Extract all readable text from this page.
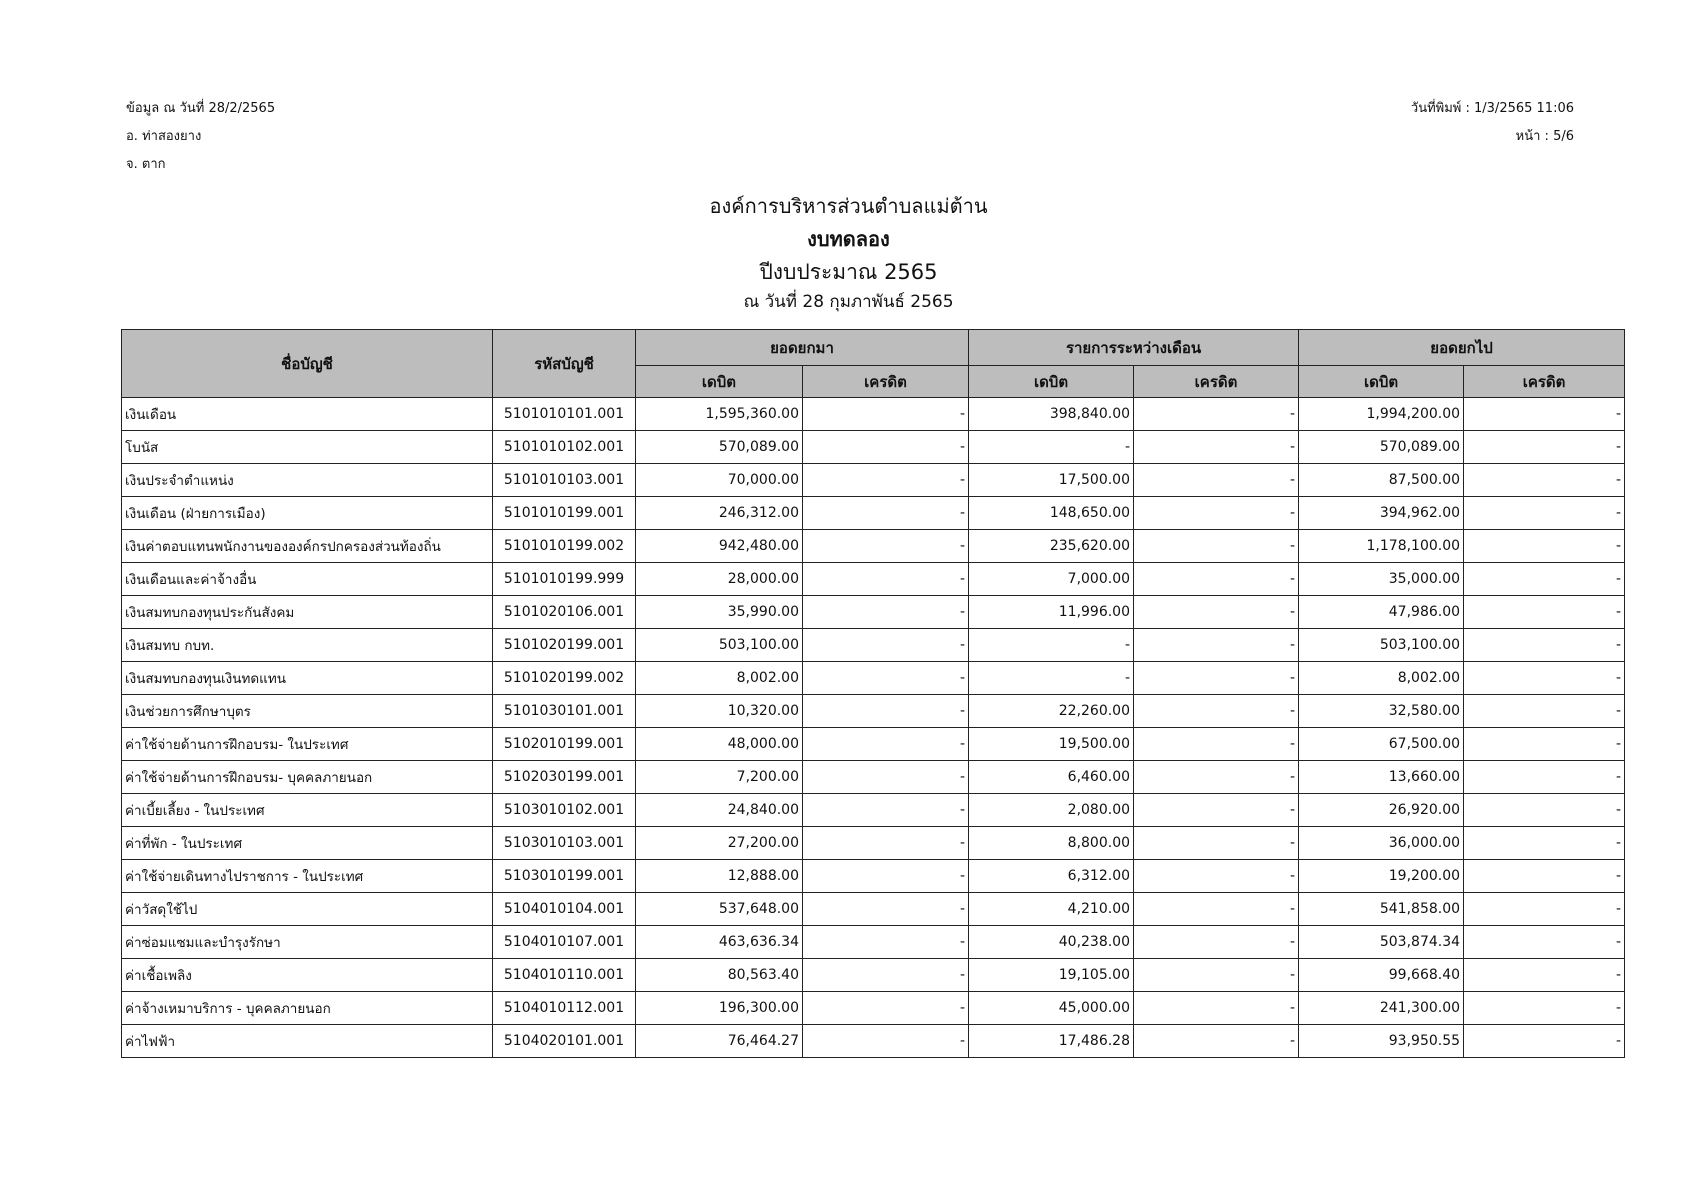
ข้อมูล ณ วันที่ 28/2/2565
อ. ท่าสองยาง
จ. ตาก
วันที่พิมพ์ : 1/3/2565 11:06
หน้า : 5/6
องค์การบริหารส่วนตำบลแม่ต้าน
งบทดลอง
ปีงบประมาณ 2565
ณ วันที่ 28 กุมภาพันธ์ 2565
ชื่อบัญชี	รหัสบัญชี	ยอดยกมา		รายการระหว่างเดือน		ยอดยกไป	
		เดบิต	เครดิต	เดบิต	เครดิต	เดบิต	เครดิต
เงินเดือน	5101010101.001	1,595,360.00	-	398,840.00	-	1,994,200.00	-
โบนัส	5101010102.001	570,089.00	-	-	-	570,089.00	-
เงินประจำตำแหน่ง	5101010103.001	70,000.00	-	17,500.00	-	87,500.00	-
เงินเดือน (ฝ่ายการเมือง)	5101010199.001	246,312.00	-	148,650.00	-	394,962.00	-
เงินค่าตอบแทนพนักงานขององค์กรปกครองส่วนท้องถิ่น	5101010199.002	942,480.00	-	235,620.00	-	1,178,100.00	-
เงินเดือนและค่าจ้างอื่น	5101010199.999	28,000.00	-	7,000.00	-	35,000.00	-
เงินสมทบกองทุนประกันสังคม	5101020106.001	35,990.00	-	11,996.00	-	47,986.00	-
เงินสมทบ กบท.	5101020199.001	503,100.00	-	-	-	503,100.00	-
เงินสมทบกองทุนเงินทดแทน	5101020199.002	8,002.00	-	-	-	8,002.00	-
เงินช่วยการศึกษาบุตร	5101030101.001	10,320.00	-	22,260.00	-	32,580.00	-
ค่าใช้จ่ายด้านการฝึกอบรม- ในประเทศ	5102010199.001	48,000.00	-	19,500.00	-	67,500.00	-
ค่าใช้จ่ายด้านการฝึกอบรม- บุคคลภายนอก	5102030199.001	7,200.00	-	6,460.00	-	13,660.00	-
ค่าเบี้ยเลี้ยง - ในประเทศ	5103010102.001	24,840.00	-	2,080.00	-	26,920.00	-
ค่าที่พัก - ในประเทศ	5103010103.001	27,200.00	-	8,800.00	-	36,000.00	-
ค่าใช้จ่ายเดินทางไปราชการ - ในประเทศ	5103010199.001	12,888.00	-	6,312.00	-	19,200.00	-
ค่าวัสดุใช้ไป	5104010104.001	537,648.00	-	4,210.00	-	541,858.00	-
ค่าซ่อมแซมและบำรุงรักษา	5104010107.001	463,636.34	-	40,238.00	-	503,874.34	-
ค่าเชื้อเพลิง	5104010110.001	80,563.40	-	19,105.00	-	99,668.40	-
ค่าจ้างเหมาบริการ - บุคคลภายนอก	5104010112.001	196,300.00	-	45,000.00	-	241,300.00	-
ค่าไฟฟ้า	5104020101.001	76,464.27	-	17,486.28	-	93,950.55	-
